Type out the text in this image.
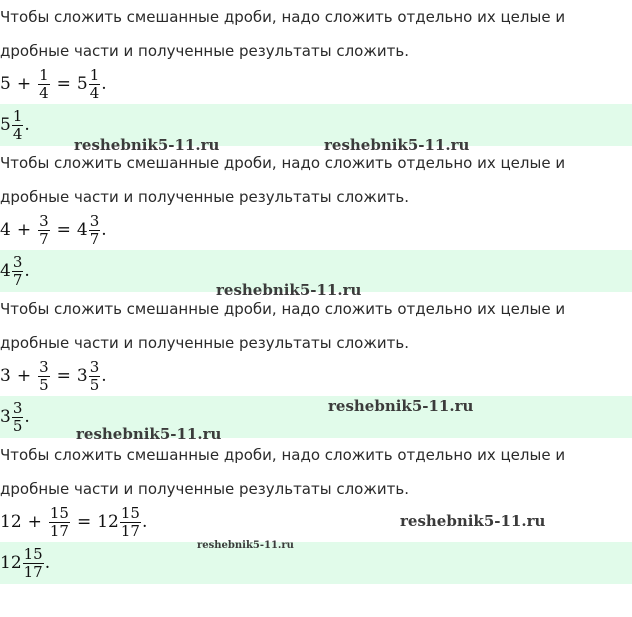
Чтобы сложить смешанные дроби, надо сложить отдельно их целые и
дробные части и полученные результаты сложить.
$5 + \frac{1}{4} = 5 \frac{1}{4}$ .
$5 \frac{1}{4}$ .
Чтобы сложить смешанные дроби, надо сложить отдельно их целые и
дробные части и полученные результаты сложить.
$4 + \frac{3}{7} = 4 \frac{3}{7}$ .
$4 \frac{3}{7}$ .
Чтобы сложить смешанные дроби, надо сложить отдельно их целые и
дробные части и полученные результаты сложить.
$3 + \frac{3}{5} = 3 \frac{3}{5}$ .
$3 \frac{3}{5}$ .
Чтобы сложить смешанные дроби, надо сложить отдельно их целые и
дробные части и полученные результаты сложить.
$12 + \frac{15}{17} = 12 \frac{15}{17}$ .
$12 \frac{15}{17}$ .
reshebnik5-11.ru	reshebnik5-11.ru
reshebnik5-11.ru
reshebnik5-11.ru
reshebnik5-11.ru
reshebnik5-11.ru
reshebnik5-11.ru
